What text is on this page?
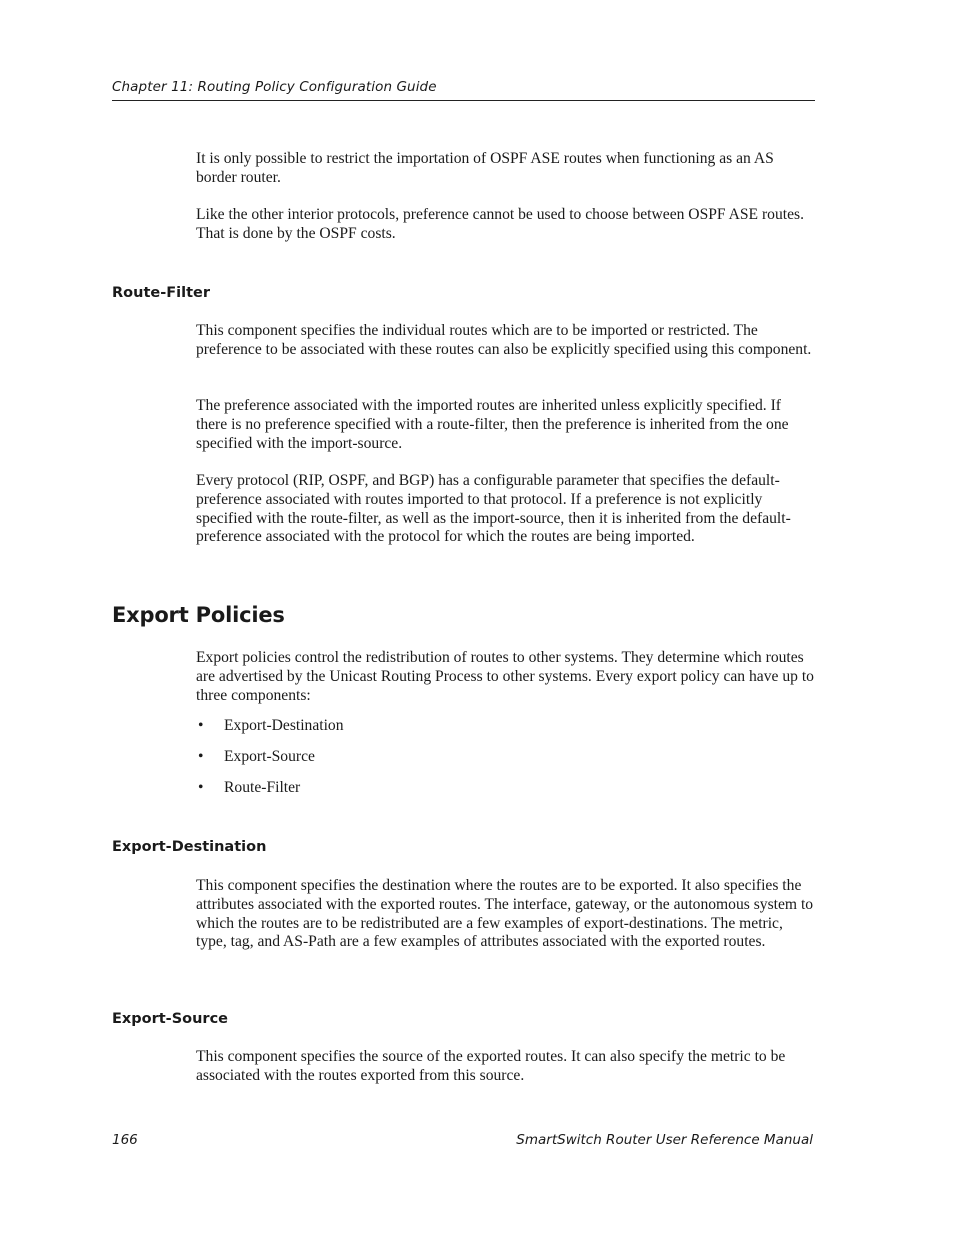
Chapter 11: Routing Policy Configuration Guide

It is only possible to restrict the importation of OSPF ASE routes when functioning as an AS border router.

Like the other interior protocols, preference cannot be used to choose between OSPF ASE routes. That is done by the OSPF costs.

Route-Filter

This component specifies the individual routes which are to be imported or restricted. The preference to be associated with these routes can also be explicitly specified using this component.

The preference associated with the imported routes are inherited unless explicitly specified. If there is no preference specified with a route-filter, then the preference is inherited from the one specified with the import-source.

Every protocol (RIP, OSPF, and BGP) has a configurable parameter that specifies the default-preference associated with routes imported to that protocol. If a preference is not explicitly specified with the route-filter, as well as the import-source, then it is inherited from the default-preference associated with the protocol for which the routes are being imported.

Export Policies

Export policies control the redistribution of routes to other systems. They determine which routes are advertised by the Unicast Routing Process to other systems. Every export policy can have up to three components:

• Export-Destination
• Export-Source
• Route-Filter
Export-Destination

This component specifies the destination where the routes are to be exported. It also specifies the attributes associated with the exported routes. The interface, gateway, or the autonomous system to which the routes are to be redistributed are a few examples of export-destinations. The metric, type, tag, and AS-Path are a few examples of attributes associated with the exported routes.

Export-Source

This component specifies the source of the exported routes. It can also specify the metric to be associated with the routes exported from this source.

166	SmartSwitch Router User Reference Manual
